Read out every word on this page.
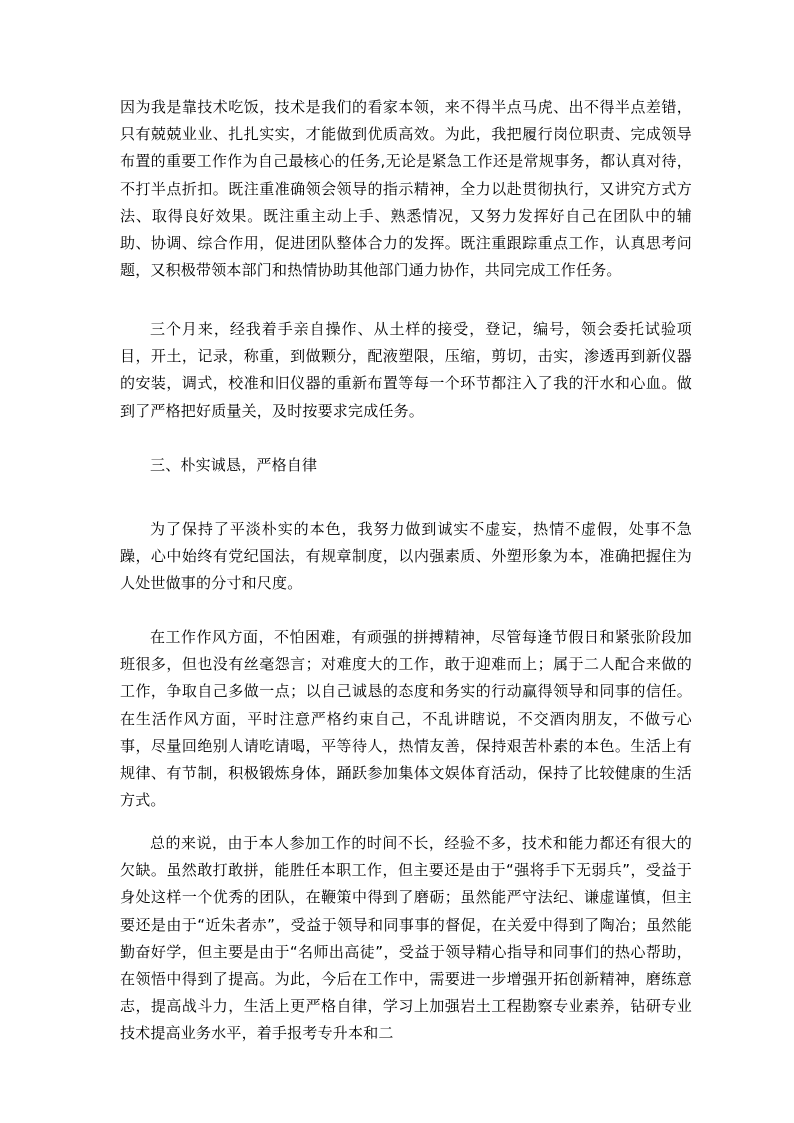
因为我是靠技术吃饭，技术是我们的看家本领，来不得半点马虎、出不得半点差错，只有兢兢业业、扎扎实实，才能做到优质高效。为此，我把履行岗位职责、完成领导布置的重要工作作为自己最核心的任务,无论是紧急工作还是常规事务，都认真对待，不打半点折扣。既注重准确领会领导的指示精神，全力以赴贯彻执行，又讲究方式方法、取得良好效果。既注重主动上手、熟悉情况，又努力发挥好自己在团队中的辅助、协调、综合作用，促进团队整体合力的发挥。既注重跟踪重点工作，认真思考问题，又积极带领本部门和热情协助其他部门通力协作，共同完成工作任务。

三个月来，经我着手亲自操作、从土样的接受，登记，编号，领会委托试验项目，开土，记录，称重，到做颗分，配液塑限，压缩，剪切，击实，渗透再到新仪器的安装，调式，校准和旧仪器的重新布置等每一个环节都注入了我的汗水和心血。做到了严格把好质量关，及时按要求完成任务。

三、朴实诚恳，严格自律

为了保持了平淡朴实的本色，我努力做到诚实不虚妄，热情不虚假，处事不急躁，心中始终有党纪国法，有规章制度，以内强素质、外塑形象为本，准确把握住为人处世做事的分寸和尺度。

在工作作风方面，不怕困难，有顽强的拼搏精神，尽管每逢节假日和紧张阶段加班很多，但也没有丝毫怨言；对难度大的工作，敢于迎难而上；属于二人配合来做的工作，争取自己多做一点；以自己诚恳的态度和务实的行动赢得领导和同事的信任。在生活作风方面，平时注意严格约束自己，不乱讲瞎说，不交酒肉朋友，不做亏心事，尽量回绝别人请吃请喝，平等待人，热情友善，保持艰苦朴素的本色。生活上有规律、有节制，积极锻炼身体，踊跃参加集体文娱体育活动，保持了比较健康的生活方式。

总的来说，由于本人参加工作的时间不长，经验不多，技术和能力都还有很大的欠缺。虽然敢打敢拼，能胜任本职工作，但主要还是由于“强将手下无弱兵”，受益于身处这样一个优秀的团队，在鞭策中得到了磨砺；虽然能严守法纪、谦虚谨慎，但主要还是由于“近朱者赤”，受益于领导和同事事的督促，在关爱中得到了陶冶；虽然能勤奋好学，但主要是由于“名师出高徒”，受益于领导精心指导和同事们的热心帮助，在领悟中得到了提高。为此，今后在工作中，需要进一步增强开拓创新精神，磨练意志，提高战斗力，生活上更严格自律，学习上加强岩土工程勘察专业素养，钻研专业技术提高业务水平，着手报考专升本和二
